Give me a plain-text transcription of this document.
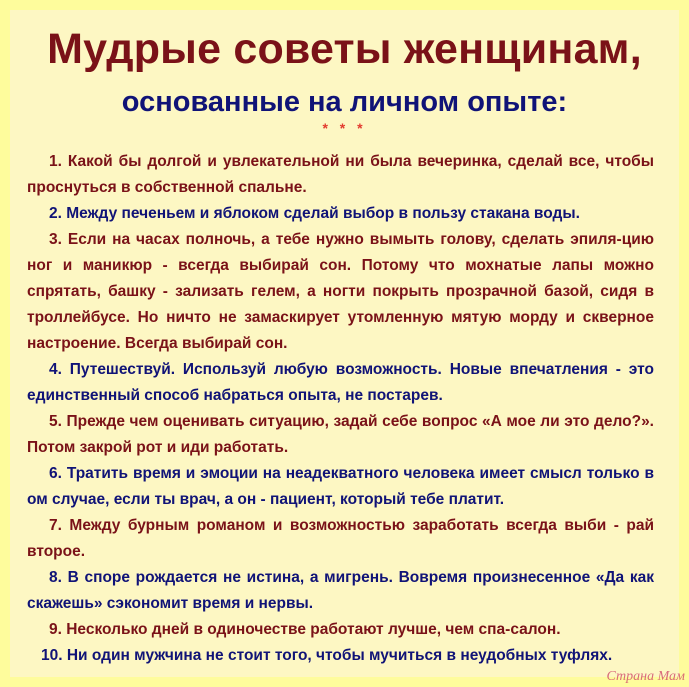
Мудрые советы женщинам,
основанные на личном опыте:
* * *

1. Какой бы долгой и увлекательной ни была вечеринка, сделай все, чтобы проснуться в собственной спальне.

2. Между печеньем и яблоком сделай выбор в пользу стакана воды.

3. Если на часах полночь, а тебе нужно вымыть голову, сделать эпиля-цию ног и маникюр - всегда выбирай сон. Потому что мохнатые лапы можно спрятать, башку - зализать гелем, а ногти покрыть прозрачной базой, сидя в троллейбусе. Но ничто не замаскирует утомленную мятую морду и скверное настроение. Всегда выбирай сон.

4. Путешествуй. Используй любую возможность. Новые впечатления - это единственный способ набраться опыта, не постарев.

5. Прежде чем оценивать ситуацию, задай себе вопрос «А мое ли это дело?». Потом закрой рот и иди работать.

6. Тратить время и эмоции на неадекватного человека имеет смысл только в ом случае, если ты врач, а он - пациент, который тебе платит.

7. Между бурным романом и возможностью заработать всегда выби - рай второе.

8. В споре рождается не истина, а мигрень. Вовремя произнесенное «Да как скажешь» сэкономит время и нервы.

9. Несколько дней в одиночестве работают лучше, чем спа-салон.

10. Ни один мужчина не стоит того, чтобы мучиться в неудобных туфлях.

Страна Мам
